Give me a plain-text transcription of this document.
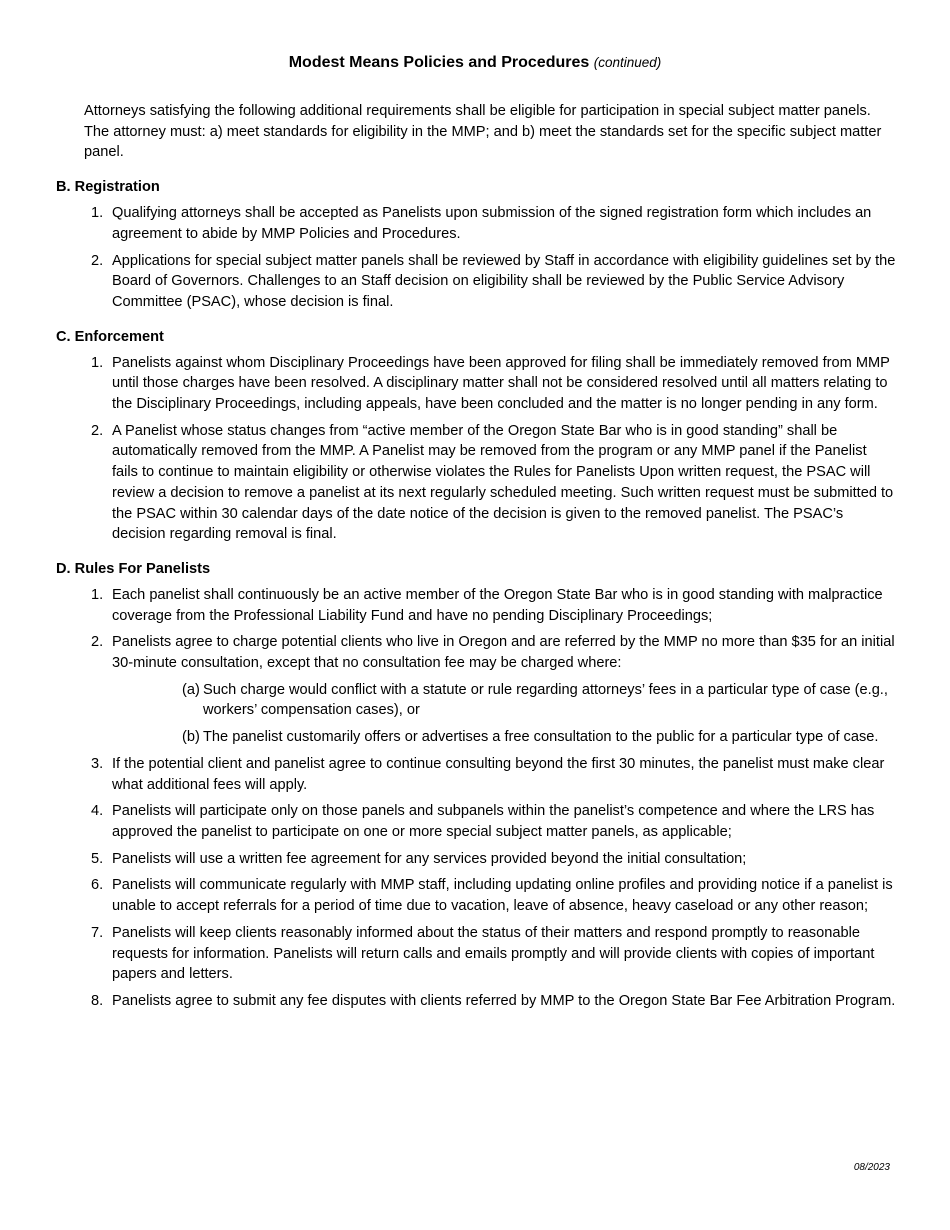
Modest Means Policies and Procedures (continued)

Attorneys satisfying the following additional requirements shall be eligible for participation in special subject matter panels. The attorney must: a) meet standards for eligibility in the MMP; and b) meet the standards set for the specific subject matter panel.

B. Registration
1. Qualifying attorneys shall be accepted as Panelists upon submission of the signed registration form which includes an agreement to abide by MMP Policies and Procedures.
2. Applications for special subject matter panels shall be reviewed by Staff in accordance with eligibility guidelines set by the Board of Governors. Challenges to an Staff decision on eligibility shall be reviewed by the Public Service Advisory Committee (PSAC), whose decision is final.
C. Enforcement
1. Panelists against whom Disciplinary Proceedings have been approved for filing shall be immediately removed from MMP until those charges have been resolved. A disciplinary matter shall not be considered resolved until all matters relating to the Disciplinary Proceedings, including appeals, have been concluded and the matter is no longer pending in any form.
2. A Panelist whose status changes from “active member of the Oregon State Bar who is in good standing” shall be automatically removed from the MMP. A Panelist may be removed from the program or any MMP panel if the Panelist fails to continue to maintain eligibility or otherwise violates the Rules for Panelists Upon written request, the PSAC will review a decision to remove a panelist at its next regularly scheduled meeting. Such written request must be submitted to the PSAC within 30 calendar days of the date notice of the decision is given to the removed panelist. The PSAC’s decision regarding removal is final.
D. Rules For Panelists
1. Each panelist shall continuously be an active member of the Oregon State Bar who is in good standing with malpractice coverage from the Professional Liability Fund and have no pending Disciplinary Proceedings;
2. Panelists agree to charge potential clients who live in Oregon and are referred by the MMP no more than $35 for an initial 30-minute consultation, except that no consultation fee may be charged where:
(a) Such charge would conflict with a statute or rule regarding attorneys’ fees in a particular type of case (e.g., workers’ compensation cases), or
(b) The panelist customarily offers or advertises a free consultation to the public for a particular type of case.
3. If the potential client and panelist agree to continue consulting beyond the first 30 minutes, the panelist must make clear what additional fees will apply.
4. Panelists will participate only on those panels and subpanels within the panelist’s competence and where the LRS has approved the panelist to participate on one or more special subject matter panels, as applicable;
5. Panelists will use a written fee agreement for any services provided beyond the initial consultation;
6. Panelists will communicate regularly with MMP staff, including updating online profiles and providing notice if a panelist is unable to accept referrals for a period of time due to vacation, leave of absence, heavy caseload or any other reason;
7. Panelists will keep clients reasonably informed about the status of their matters and respond promptly to reasonable requests for information. Panelists will return calls and emails promptly and will provide clients with copies of important papers and letters.
8. Panelists agree to submit any fee disputes with clients referred by MMP to the Oregon State Bar Fee Arbitration Program.
08/2023
